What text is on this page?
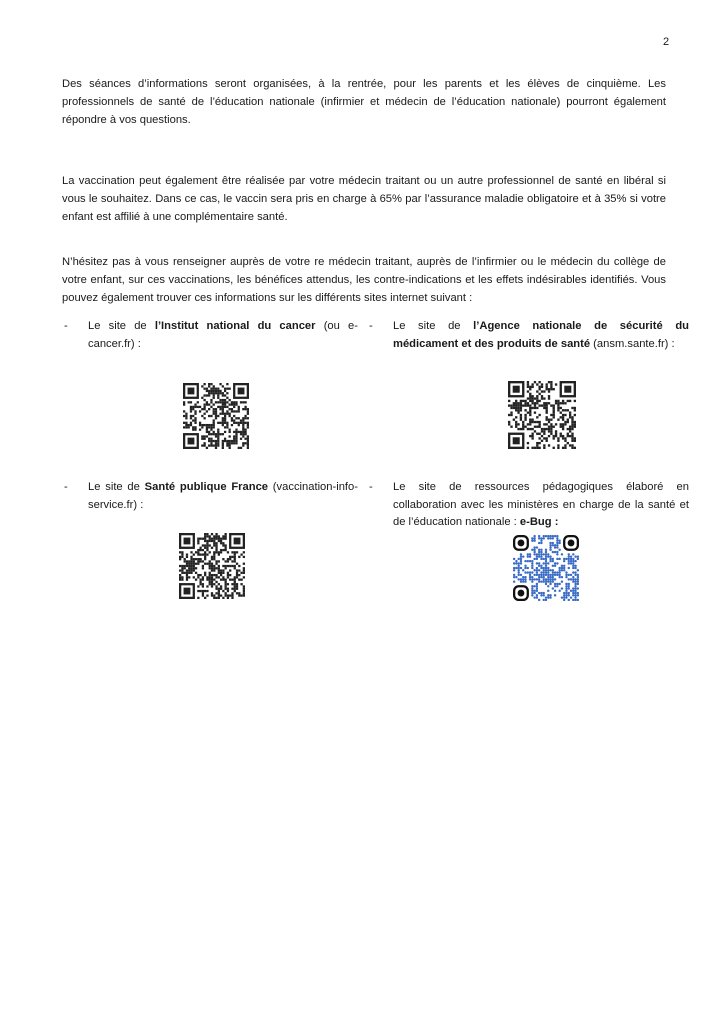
2

Des séances d’informations seront organisées, à la rentrée, pour les parents et les élèves de cinquième. Les professionnels de santé de l’éducation nationale (infirmier et médecin de l’éducation nationale) pourront également répondre à vos questions.

La vaccination peut également être réalisée par votre médecin traitant ou un autre professionnel de santé en libéral si vous le souhaitez. Dans ce cas, le vaccin sera pris en charge à 65% par l’assurance maladie obligatoire et à 35% si votre enfant est affilié à une complémentaire santé.

N’hésitez pas à vous renseigner auprès de votre re médecin traitant, auprès de l’infirmier ou le médecin du collège de votre enfant, sur ces vaccinations, les bénéfices attendus, les contre-indications et les effets indésirables identifiés. Vous pouvez également trouver ces informations sur les différents sites internet suivant :

- Le site de l’Institut national du cancer (ou e-cancer.fr) :
- Le site de l’Agence nationale de sécurité du médicament et des produits de santé (ansm.sante.fr) :
- Le site de Santé publique France (vaccination-info-service.fr) :
- Le site de ressources pédagogiques élaboré en collaboration avec les ministères en charge de la santé et de l’éducation nationale : e-Bug :
